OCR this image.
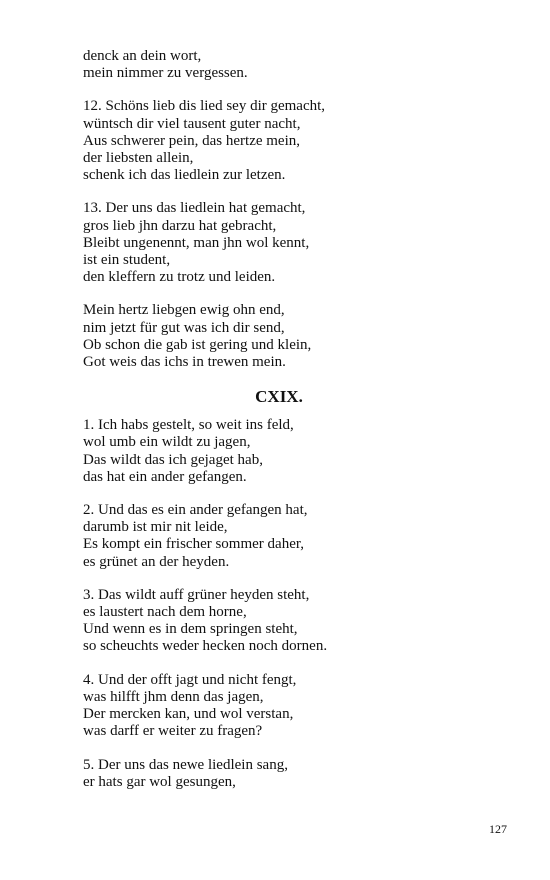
denck an dein wort,
mein nimmer zu vergessen.
12. Schöns lieb dis lied sey dir gemacht,
wüntsch dir viel tausent guter nacht,
Aus schwerer pein, das hertze mein,
der liebsten allein,
schenk ich das liedlein zur letzen.
13. Der uns das liedlein hat gemacht,
gros lieb jhn darzu hat gebracht,
Bleibt ungenennt, man jhn wol kennt,
ist ein student,
den kleffern zu trotz und leiden.
Mein hertz liebgen ewig ohn end,
nim jetzt für gut was ich dir send,
Ob schon die gab ist gering und klein,
Got weis das ichs in trewen mein.
CXIX.
1. Ich habs gestelt, so weit ins feld,
wol umb ein wildt zu jagen,
Das wildt das ich gejaget hab,
das hat ein ander gefangen.
2. Und das es ein ander gefangen hat,
darumb ist mir nit leide,
Es kompt ein frischer sommer daher,
es grünet an der heyden.
3. Das wildt auff grüner heyden steht,
es laustert nach dem horne,
Und wenn es in dem springen steht,
so scheuchts weder hecken noch dornen.
4. Und der offt jagt und nicht fengt,
was hilfft jhm denn das jagen,
Der mercken kan, und wol verstan,
was darff er weiter zu fragen?
5. Der uns das newe liedlein sang,
er hats gar wol gesungen,
127
